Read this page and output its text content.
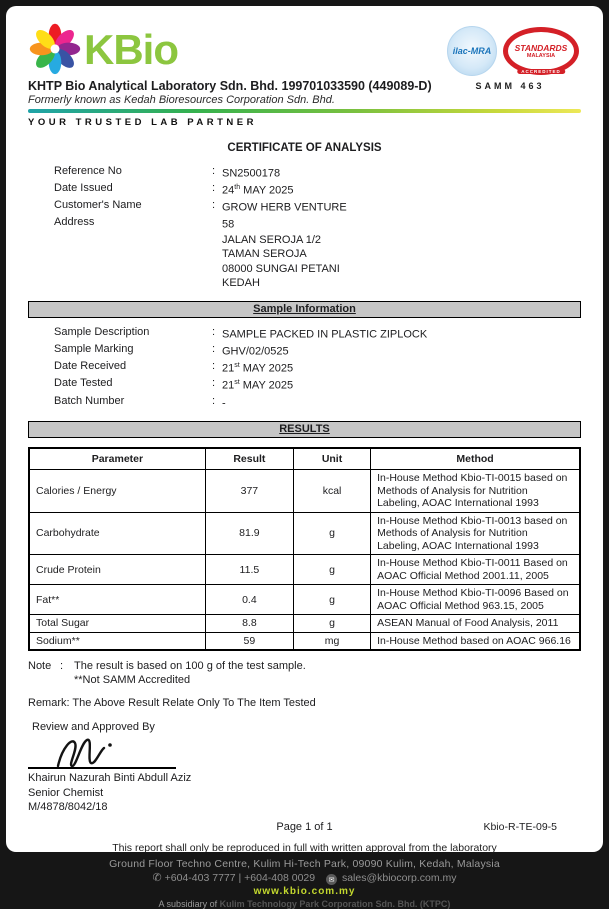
KBio
KHTP Bio Analytical Laboratory Sdn. Bhd. 199701033590 (449089-D)
Formerly known as Kedah Bioresources Corporation Sdn. Bhd.
YOUR TRUSTED LAB PARTNER
ilac-MRA	STANDARDS
MALAYSIA
ACCREDITED
SAMM 463
CERTIFICATE OF ANALYSIS
Reference No	: SN2500178
Date Issued	: 24th MAY 2025
Customer's Name	: GROW HERB VENTURE
Address	58
JALAN SEROJA 1/2
TAMAN SEROJA
08000 SUNGAI PETANI
KEDAH
Sample Information
Sample Description	: SAMPLE PACKED IN PLASTIC ZIPLOCK
Sample Marking	: GHV/02/0525
Date Received	: 21st MAY 2025
Date Tested	: 21st MAY 2025
Batch Number	: -
RESULTS
Parameter	Result	Unit	Method
Calories / Energy	377	kcal	In-House Method Kbio-TI-0015 based on Methods of Analysis for Nutrition Labeling, AOAC International 1993
Carbohydrate	81.9	g	In-House Method Kbio-TI-0013 based on Methods of Analysis for Nutrition Labeling, AOAC International 1993
Crude Protein	11.5	g	In-House Method Kbio-TI-0011 Based on AOAC Official Method 2001.11, 2005
Fat**	0.4	g	In-House Method Kbio-TI-0096 Based on AOAC Official Method 963.15, 2005
Total Sugar	8.8	g	ASEAN Manual of Food Analysis, 2011
Sodium**	59	mg	In-House Method based on AOAC 966.16
Note : The result is based on 100 g of the test sample.
**Not SAMM Accredited
Remark: The Above Result Relate Only To The Item Tested
Review and Approved By
Khairun Nazurah Binti Abdull Aziz
Senior Chemist
M/4878/8042/18
Page 1 of 1	Kbio-R-TE-09-5
This report shall only be reproduced in full with written approval from the laboratory
Ground Floor Techno Centre, Kulim Hi-Tech Park, 09090 Kulim, Kedah, Malaysia
✆ +604-403 7777 | +604-408 0029 ✉ sales@kbiocorp.com.my
www.kbio.com.my
A subsidiary of Kulim Technology Park Corporation Sdn. Bhd. (KTPC)
